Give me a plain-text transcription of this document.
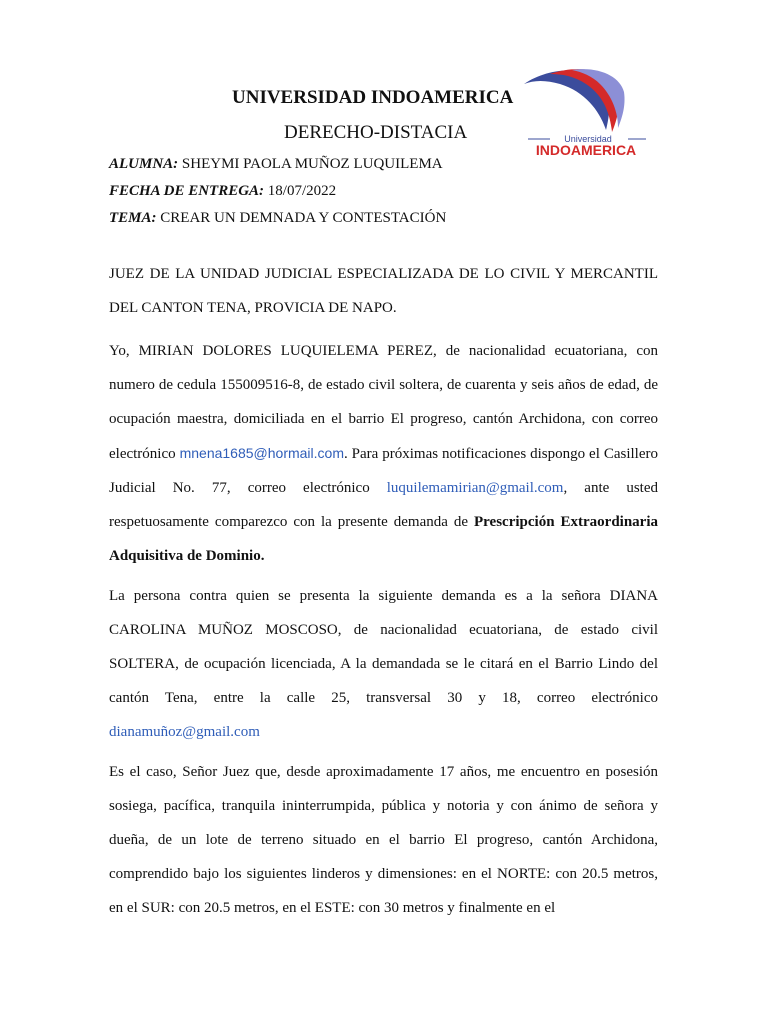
UNIVERSIDAD INDOAMERICA
DERECHO-DISTACIA	Universidad
INDOAMERICA
ALUMNA: SHEYMI PAOLA MUÑOZ LUQUILEMA
FECHA DE ENTREGA: 18/07/2022
TEMA: CREAR UN DEMNADA Y CONTESTACIÓN

JUEZ DE LA UNIDAD JUDICIAL ESPECIALIZADA DE LO CIVIL Y MERCANTIL DEL CANTON TENA, PROVICIA DE NAPO.

Yo, MIRIAN DOLORES LUQUIELEMA PEREZ, de nacionalidad ecuatoriana, con numero de cedula 155009516-8, de estado civil soltera, de cuarenta y seis años de edad, de ocupación maestra, domiciliada en el barrio El progreso, cantón Archidona, con correo electrónico mnena1685@hormail.com. Para próximas notificaciones dispongo el Casillero Judicial No. 77, correo electrónico luquilemamirian@gmail.com, ante usted respetuosamente comparezco con la presente demanda de Prescripción Extraordinaria Adquisitiva de Dominio.

La persona contra quien se presenta la siguiente demanda es a la señora DIANA CAROLINA MUÑOZ MOSCOSO, de nacionalidad ecuatoriana, de estado civil SOLTERA, de ocupación licenciada, A la demandada se le citará en el Barrio Lindo del cantón Tena, entre la calle 25, transversal 30 y 18, correo electrónico dianamuñoz@gmail.com

Es el caso, Señor Juez que, desde aproximadamente 17 años, me encuentro en posesión sosiega, pacífica, tranquila ininterrumpida, pública y notoria y con ánimo de señora y dueña, de un lote de terreno situado en el barrio El progreso, cantón Archidona, comprendido bajo los siguientes linderos y dimensiones: en el NORTE: con 20.5 metros, en el SUR: con 20.5 metros, en el ESTE: con 30 metros y finalmente en el
